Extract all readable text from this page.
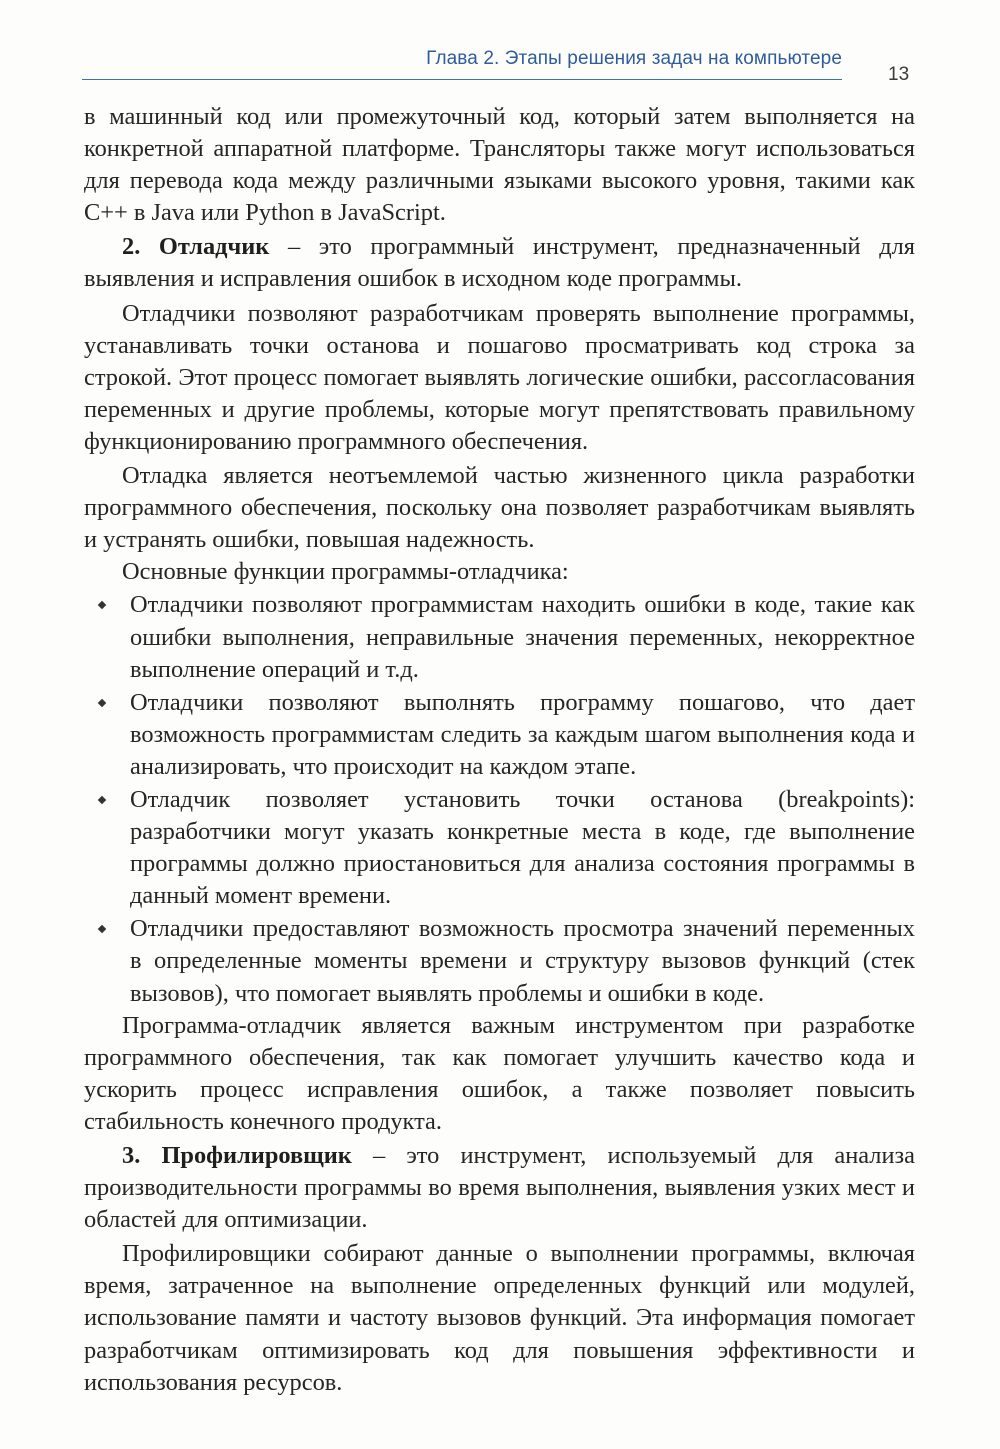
Глава 2. Этапы решения задач на компьютере
13

в машинный код или промежуточный код, который затем выполняется на конкретной аппаратной платформе. Трансляторы также могут использоваться для перевода кода между различными языками высокого уровня, такими как C++ в Java или Python в JavaScript.

2. Отладчик – это программный инструмент, предназначенный для выявления и исправления ошибок в исходном коде программы.

Отладчики позволяют разработчикам проверять выполнение программы, устанавливать точки останова и пошагово просматривать код строка за строкой. Этот процесс помогает выявлять логические ошибки, рассогласования переменных и другие проблемы, которые могут препятствовать правильному функционированию программного обеспечения.

Отладка является неотъемлемой частью жизненного цикла разработки программного обеспечения, поскольку она позволяет разработчикам выявлять и устранять ошибки, повышая надежность.

Основные функции программы-отладчика:

Отладчики позволяют программистам находить ошибки в коде, такие как ошибки выполнения, неправильные значения переменных, некорректное выполнение операций и т.д.
Отладчики позволяют выполнять программу пошагово, что дает возможность программистам следить за каждым шагом выполнения кода и анализировать, что происходит на каждом этапе.
Отладчик позволяет установить точки останова (breakpoints): разработчики могут указать конкретные места в коде, где выполнение программы должно приостановиться для анализа состояния программы в данный момент времени.
Отладчики предоставляют возможность просмотра значений переменных в определенные моменты времени и структуру вызовов функций (стек вызовов), что помогает выявлять проблемы и ошибки в коде.

Программа-отладчик является важным инструментом при разработке программного обеспечения, так как помогает улучшить качество кода и ускорить процесс исправления ошибок, а также позволяет повысить стабильность конечного продукта.

3. Профилировщик – это инструмент, используемый для анализа производительности программы во время выполнения, выявления узких мест и областей для оптимизации.

Профилировщики собирают данные о выполнении программы, включая время, затраченное на выполнение определенных функций или модулей, использование памяти и частоту вызовов функций. Эта информация помогает разработчикам оптимизировать код для повышения эффективности и использования ресурсов.
